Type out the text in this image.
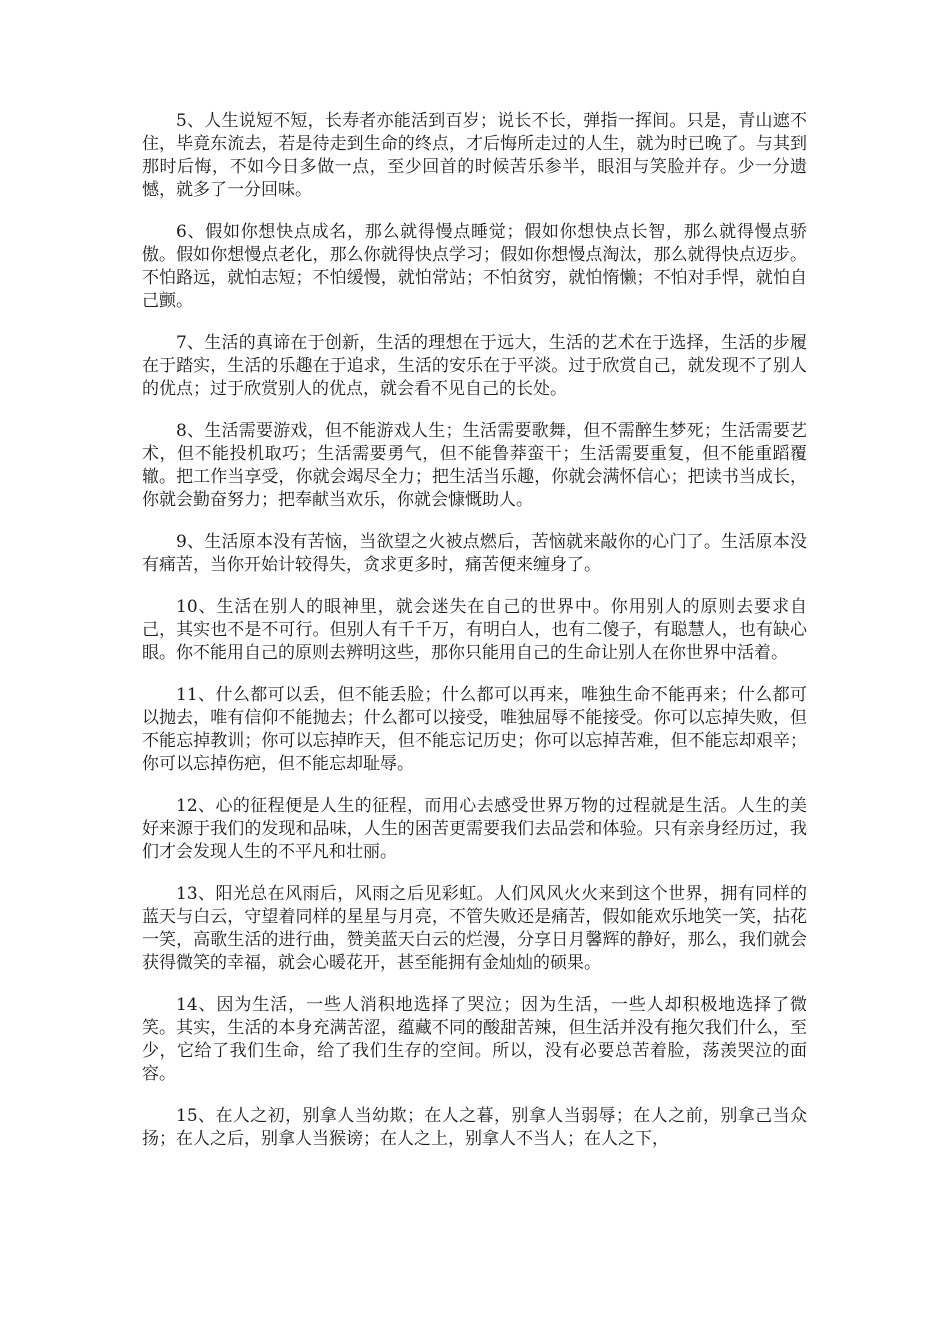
5、人生说短不短，长寿者亦能活到百岁；说长不长，弹指一挥间。只是，青山遮不住，毕竟东流去，若是待走到生命的终点，才后悔所走过的人生，就为时已晚了。与其到那时后悔，不如今日多做一点，至少回首的时候苦乐参半，眼泪与笑脸并存。少一分遗憾，就多了一分回味。

6、假如你想快点成名，那么就得慢点睡觉；假如你想快点长智，那么就得慢点骄傲。假如你想慢点老化，那么你就得快点学习；假如你想慢点淘汰，那么就得快点迈步。不怕路远，就怕志短；不怕缓慢，就怕常站；不怕贫穷，就怕惰懒；不怕对手悍，就怕自己颤。

7、生活的真谛在于创新，生活的理想在于远大，生活的艺术在于选择，生活的步履在于踏实，生活的乐趣在于追求，生活的安乐在于平淡。过于欣赏自己，就发现不了别人的优点；过于欣赏别人的优点，就会看不见自己的长处。

8、生活需要游戏，但不能游戏人生；生活需要歌舞，但不需醉生梦死；生活需要艺术，但不能投机取巧；生活需要勇气，但不能鲁莽蛮干；生活需要重复，但不能重蹈覆辙。把工作当享受，你就会竭尽全力；把生活当乐趣，你就会满怀信心；把读书当成长，你就会勤奋努力；把奉献当欢乐，你就会慷慨助人。

9、生活原本没有苦恼，当欲望之火被点燃后，苦恼就来敲你的心门了。生活原本没有痛苦，当你开始计较得失，贪求更多时，痛苦便来缠身了。

10、生活在别人的眼神里，就会迷失在自己的世界中。你用别人的原则去要求自己，其实也不是不可行。但别人有千千万，有明白人，也有二傻子，有聪慧人，也有缺心眼。你不能用自己的原则去辨明这些，那你只能用自己的生命让别人在你世界中活着。

11、什么都可以丢，但不能丢脸；什么都可以再来，唯独生命不能再来；什么都可以抛去，唯有信仰不能抛去；什么都可以接受，唯独屈辱不能接受。你可以忘掉失败，但不能忘掉教训；你可以忘掉昨天，但不能忘记历史；你可以忘掉苦难，但不能忘却艰辛；你可以忘掉伤疤，但不能忘却耻辱。

12、心的征程便是人生的征程，而用心去感受世界万物的过程就是生活。人生的美好来源于我们的发现和品味，人生的困苦更需要我们去品尝和体验。只有亲身经历过，我们才会发现人生的不平凡和壮丽。

13、阳光总在风雨后，风雨之后见彩虹。人们风风火火来到这个世界，拥有同样的蓝天与白云，守望着同样的星星与月亮，不管失败还是痛苦，假如能欢乐地笑一笑，拈花一笑，高歌生活的进行曲，赞美蓝天白云的烂漫，分享日月馨辉的静好，那么，我们就会获得微笑的幸福，就会心暖花开，甚至能拥有金灿灿的硕果。

14、因为生活，一些人消积地选择了哭泣；因为生活，一些人却积极地选择了微笑。其实，生活的本身充满苦涩，蕴藏不同的酸甜苦辣，但生活并没有拖欠我们什么，至少，它给了我们生命，给了我们生存的空间。所以，没有必要总苦着脸，荡羡哭泣的面容。

15、在人之初，别拿人当幼欺；在人之暮，别拿人当弱辱；在人之前，别拿己当众扬；在人之后，别拿人当猴谤；在人之上，别拿人不当人；在人之下，
